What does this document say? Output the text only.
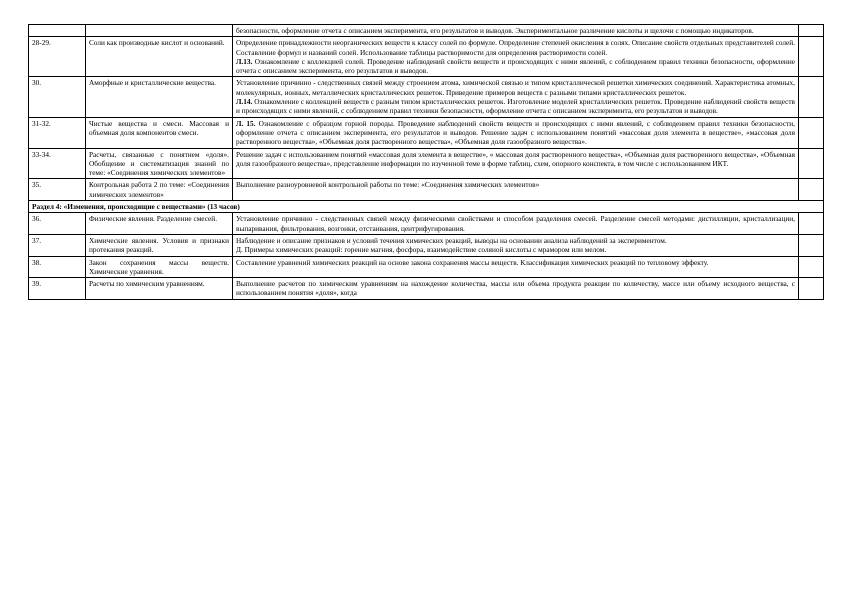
		безопасности, оформление отчета с описанием эксперимента, его результатов и выводов. Экспериментальное различение кислоты и щелочи с помощью индикаторов.	

28-29.	Соли как производные кислот и оснований.	Определение принадлежности неорганических веществ к классу солей по формуле. Определение степеней окисления в солях. Описание свойств отдельных представителей солей. Составление формул и названий солей. Использование таблицы растворимости для определения растворимости солей.
Л.13. Ознакомление с коллекцией солей. Проведение наблюдений свойств веществ и происходящих с ними явлений, с соблюдением правил техники безопасности, оформление отчета с описанием эксперимента, его результатов и выводов.	

30.	Аморфные и кристаллические вещества.	Установление причинно - следственных связей между строением атома, химической связью и типом кристаллической решетки химических соединений. Характеристика атомных, молекулярных, ионных, металлических кристаллических решеток. Приведение примеров веществ с разными типами кристаллических решеток.
Л.14. Ознакомление с коллекцией веществ с разным типом кристаллических решеток. Изготовление моделей кристаллических решеток. Проведение наблюдений свойств веществ и происходящих с ними явлений, с соблюдением правил техники безопасности, оформление отчета с описанием эксперимента, его результатов и выводов.	

31-32.	Чистые вещества и смеси. Массовая и объемная доля компонентов смеси.	Л. 15. Ознакомление с образцом горной породы. Проведение наблюдений свойств веществ и происходящих с ними явлений, с соблюдением правил техники безопасности, оформление отчета с описанием эксперимента, его результатов и выводов. Решение задач с использованием понятий «массовая доля элемента в веществе», «массовая доля растворенного вещества», «Объемная доля растворенного вещества», «Объемная доля газообразного вещества».	

33-34.	Расчеты, связанные с понятием «доля». Обобщение и систематизация знаний по теме: «Соединения химических элементов»	Решение задач с использованием понятий «массовая доля элемента в веществе», « массовая доля растворенного вещества», «Объемная доля растворенного вещества», «Объемная доля газообразного вещества», представление информации по изученной теме в форме таблиц, схем, опорного конспекта, в том числе с использованием ИКТ.	

35.	Контрольная работа 2 по теме: «Соединения химических элементов»	Выполнение разноуровневой контрольной работы по теме: «Соединения химических элементов»	

Раздел 4: «Изменения, происходящие с веществами» (13 часов)			
36.	Физические явления. Разделение смесей.	Установление причинно - следственных связей между физическими свойствами и способом разделения смесей. Разделение смесей методами: дистилляции, кристаллизации, выпаривания, фильтрования, возгонки, отстаивания, центрифугирования.	

37.	Химические явления. Условия и признаки протекания реакций.	Наблюдение и описание признаков и условий течения химических реакций, выводы на основании анализа наблюдений за экспериментом.
Д. Примеры химических реакций: горение магния, фосфора, взаимодействие соляной кислоты с мрамором или мелом.	

38.	Закон сохранения массы веществ. Химические уравнения.	Составление уравнений химических реакций на основе закона сохранения массы веществ. Классификация химических реакций по тепловому эффекту.	

39.	Расчеты по химическим уравнениям.	Выполнение расчетов по химическим уравнениям на нахождение количества, массы или объема продукта реакции по количеству, массе или объему исходного вещества, с использованием понятия «доля», когда	
